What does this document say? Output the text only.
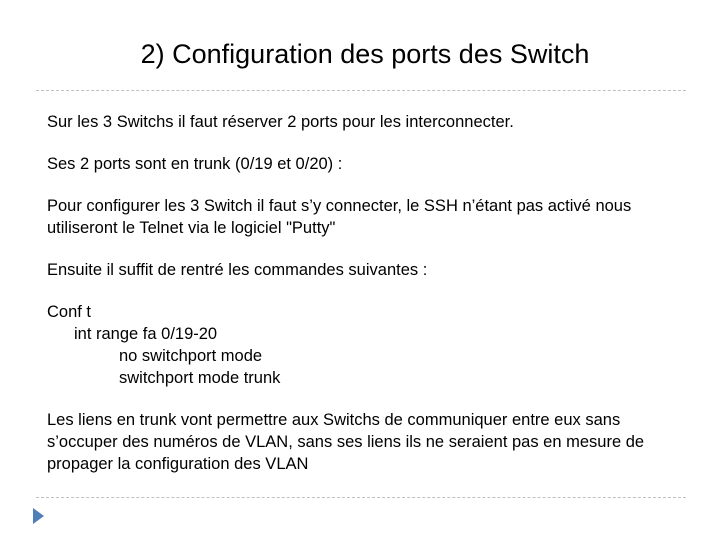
2) Configuration des ports des Switch

Sur les 3 Switchs il faut réserver 2 ports pour les interconnecter.

Ses 2 ports sont en trunk (0/19 et 0/20) :

Pour configurer les 3 Switch il faut s’y connecter, le SSH n’étant pas activé nous utiliseront le Telnet via le logiciel "Putty"

Ensuite il suffit de rentré les commandes suivantes :

Conf t
int range fa 0/19-20
no switchport mode
switchport mode trunk

Les liens en trunk vont permettre aux Switchs de communiquer entre eux sans s’occuper des numéros de VLAN, sans ses liens ils ne seraient pas en mesure de propager la configuration des VLAN
